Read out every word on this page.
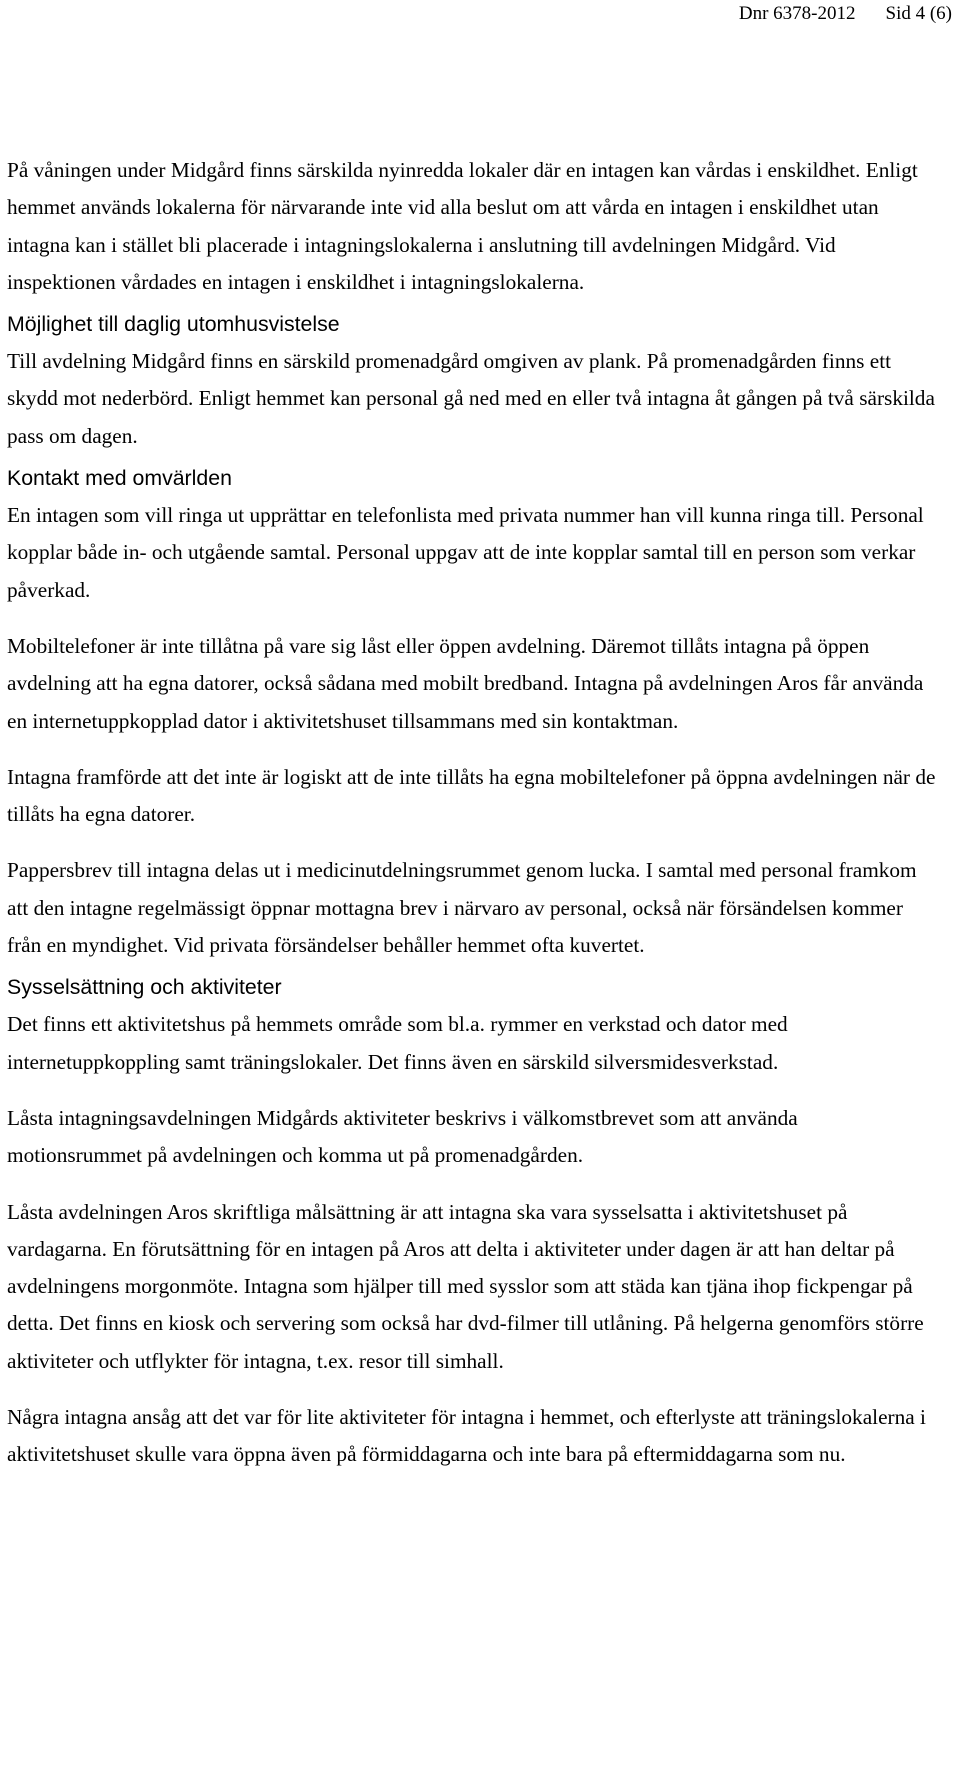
Dnr 6378-2012 Sid 4 (6)

På våningen under Midgård finns särskilda nyinredda lokaler där en intagen kan vårdas i enskildhet. Enligt hemmet används lokalerna för närvarande inte vid alla beslut om att vårda en intagen i enskildhet utan intagna kan i stället bli placerade i intagningslokalerna i anslutning till avdelningen Midgård. Vid inspektionen vårdades en intagen i enskildhet i intagningslokalerna.

Möjlighet till daglig utomhusvistelse

Till avdelning Midgård finns en särskild promenadgård omgiven av plank. På promenadgården finns ett skydd mot nederbörd. Enligt hemmet kan personal gå ned med en eller två intagna åt gången på två särskilda pass om dagen.

Kontakt med omvärlden

En intagen som vill ringa ut upprättar en telefonlista med privata nummer han vill kunna ringa till. Personal kopplar både in- och utgående samtal. Personal uppgav att de inte kopplar samtal till en person som verkar påverkad.

Mobiltelefoner är inte tillåtna på vare sig låst eller öppen avdelning. Däremot tillåts intagna på öppen avdelning att ha egna datorer, också sådana med mobilt bredband. Intagna på avdelningen Aros får använda en internetuppkopplad dator i aktivitetshuset tillsammans med sin kontaktman.

Intagna framförde att det inte är logiskt att de inte tillåts ha egna mobiltelefoner på öppna avdelningen när de tillåts ha egna datorer.

Pappersbrev till intagna delas ut i medicinutdelningsrummet genom lucka. I samtal med personal framkom att den intagne regelmässigt öppnar mottagna brev i närvaro av personal, också när försändelsen kommer från en myndighet. Vid privata försändelser behåller hemmet ofta kuvertet.

Sysselsättning och aktiviteter

Det finns ett aktivitetshus på hemmets område som bl.a. rymmer en verkstad och dator med internetuppkoppling samt träningslokaler. Det finns även en särskild silversmidesverkstad.

Låsta intagningsavdelningen Midgårds aktiviteter beskrivs i välkomstbrevet som att använda motionsrummet på avdelningen och komma ut på promenadgården.

Låsta avdelningen Aros skriftliga målsättning är att intagna ska vara sysselsatta i aktivitetshuset på vardagarna. En förutsättning för en intagen på Aros att delta i aktiviteter under dagen är att han deltar på avdelningens morgonmöte. Intagna som hjälper till med sysslor som att städa kan tjäna ihop fickpengar på detta. Det finns en kiosk och servering som också har dvd-filmer till utlåning. På helgerna genomförs större aktiviteter och utflykter för intagna, t.ex. resor till simhall.

Några intagna ansåg att det var för lite aktiviteter för intagna i hemmet, och efterlyste att träningslokalerna i aktivitetshuset skulle vara öppna även på förmiddagarna och inte bara på eftermiddagarna som nu.
